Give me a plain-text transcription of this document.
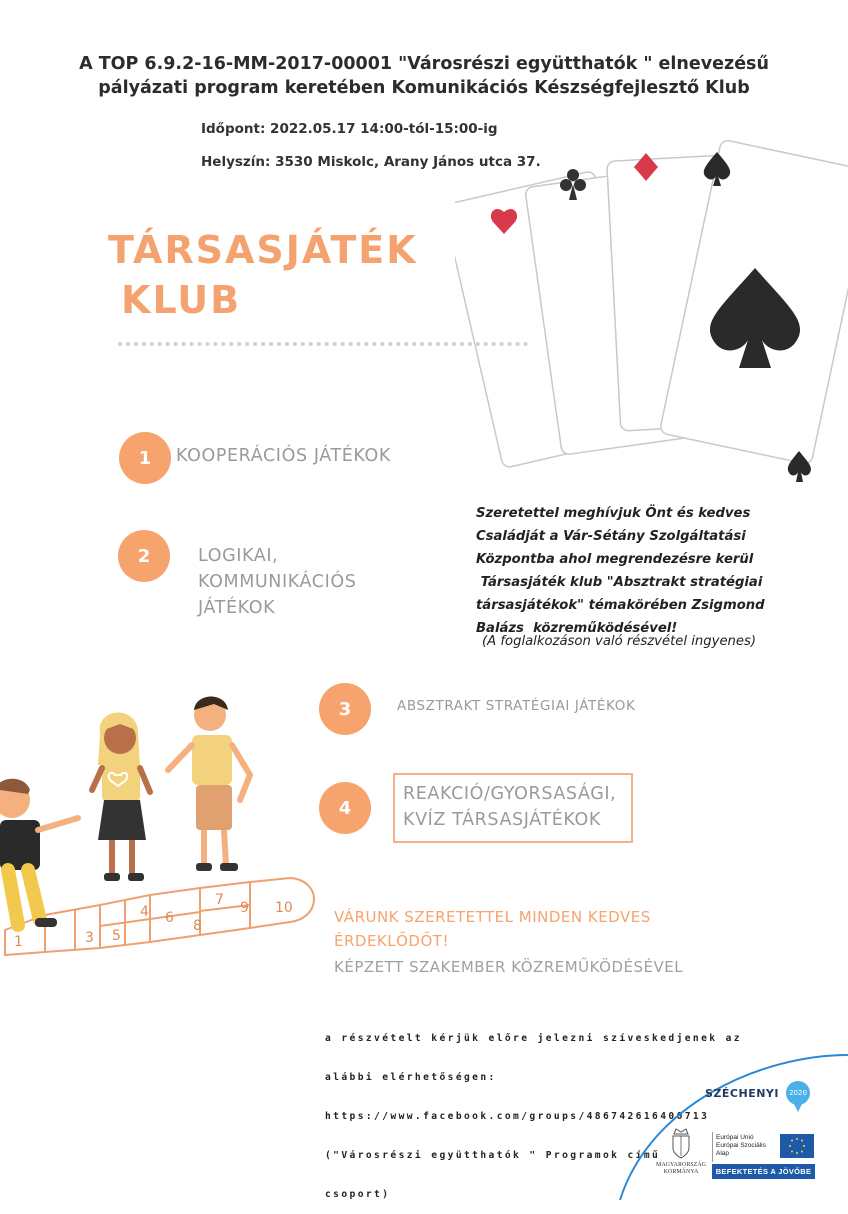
A TOP 6.9.2-16-MM-2017-00001 "Városrészi együtthatók " elnevezésű
pályázati program keretében Komunikációs Készségfejlesztő Klub
Időpont: 2022.05.17 14:00-tól-15:00-ig
Helyszín: 3530 Miskolc, Arany János utca 37.
TÁRSASJÁTÉK
KLUB
1	KOOPERÁCIÓS JÁTÉKOK
2	LOGIKAI,
KOMMUNIKÁCIÓS
JÁTÉKOK
Szeretettel meghívjuk Önt és kedves
Családját a Vár-Sétány Szolgáltatási
Központba ahol megrendezésre kerül
Társasjáték klub "Absztrakt stratégiai
társasjátékok" témakörében Zsigmond
Balázs  közreműködésével!
(A foglalkozáson való részvétel ingyenes)
3	ABSZTRAKT STRATÉGIAI JÁTÉKOK
4
REAKCIÓ/GYORSASÁGI,
KVÍZ TÁRSASJÁTÉKOK
1	3 5
4 6 8
7 9 10	VÁRUNK SZERETETTEL MINDEN KEDVES
ÉRDEKLŐDŐT!
KÉPZETT SZAKEMBER KÖZREMŰKÖDÉSÉVEL

a részvételt kérjük előre jelezni szíveskedjenek az

alábbi elérhetőségen:

https://www.facebook.com/groups/486742616400713

("Városrészi együtthatók " Programok című

csoport)

SZÉCHENYI	2020
MAGYARORSZÁG
KORMÁNYA
Európai Unió
Európai Szociális
Alap
BEFEKTETÉS A JÖVŐBE
